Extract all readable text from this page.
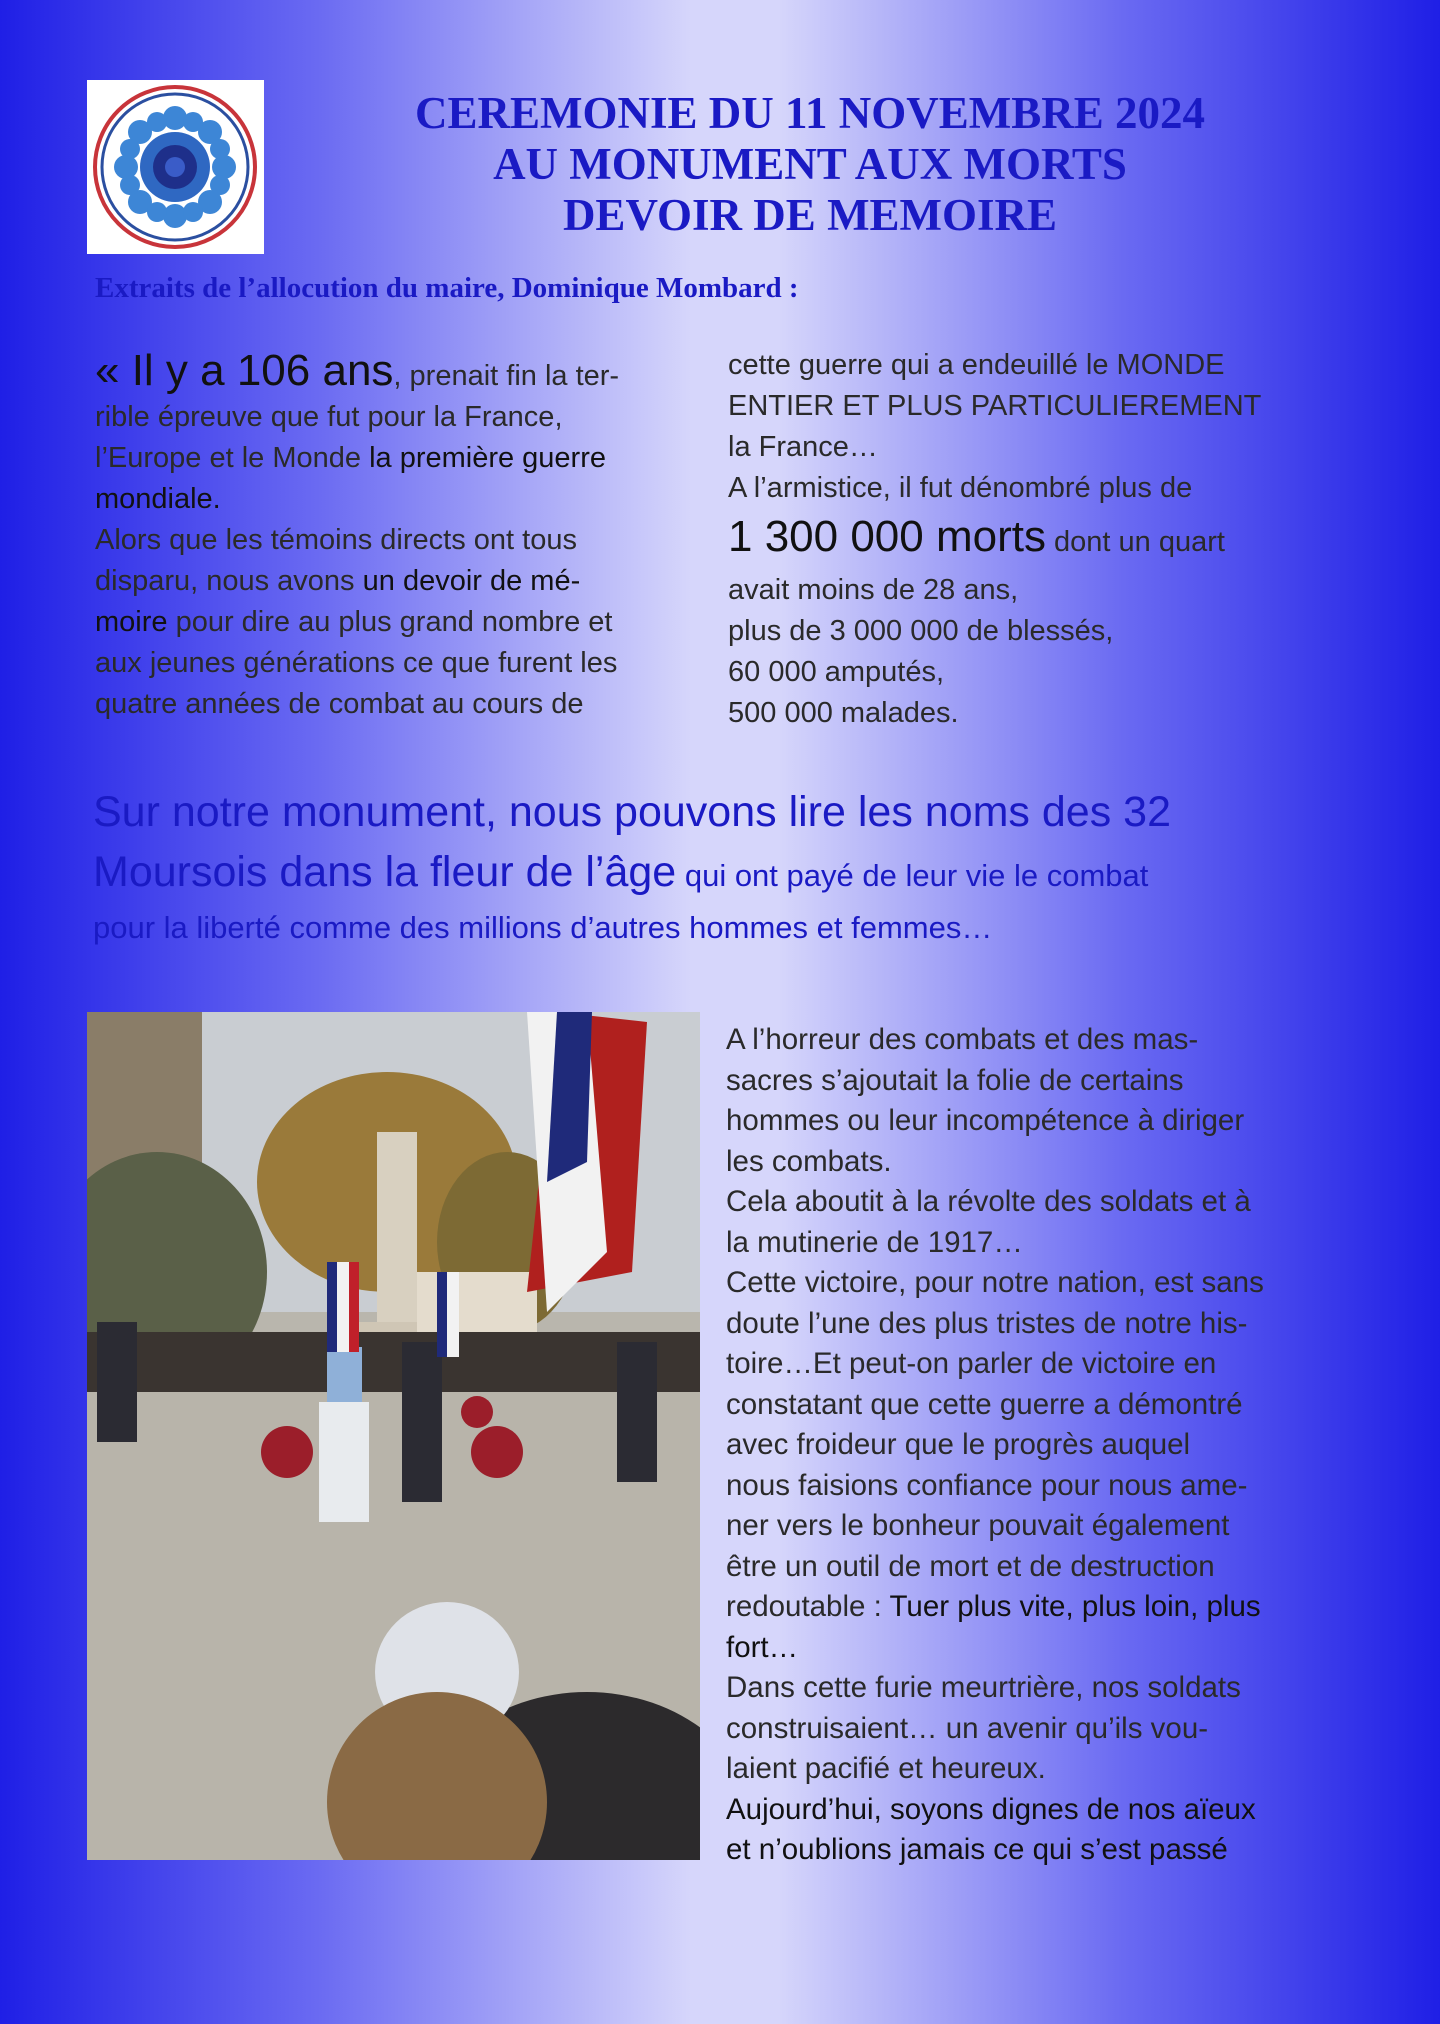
CEREMONIE DU 11 NOVEMBRE 2024
AU MONUMENT AUX MORTS
DEVOIR DE MEMOIRE
Extraits de l’allocution du maire, Dominique Mombard :
« Il y a 106 ans, prenait fin la ter-
rible épreuve que fut pour la France,
l’Europe et le Monde la première guerre
mondiale.
Alors que les témoins directs ont tous
disparu, nous avons un devoir de mé-
moire pour dire au plus grand nombre et
aux jeunes générations ce que furent les
quatre années de combat au cours de
cette guerre qui a endeuillé le MONDE
ENTIER ET PLUS PARTICULIEREMENT
la France…
A l’armistice, il fut dénombré plus de
1 300 000 morts dont un quart
avait moins de 28 ans,
plus de 3 000 000 de blessés,
60 000 amputés,
500 000 malades.
Sur notre monument, nous pouvons lire les noms des 32
Moursois dans la fleur de l’âge qui ont payé de leur vie le combat
pour la liberté comme des millions d’autres hommes et femmes…
A l’horreur des combats et des mas-
sacres s’ajoutait la folie de certains
hommes ou leur incompétence à diriger
les combats.
Cela aboutit à la révolte des soldats et à
la mutinerie de 1917…
Cette victoire, pour notre nation, est sans
doute l’une des plus tristes de notre his-
toire…Et peut-on parler de victoire en
constatant que cette guerre a démontré
avec froideur que le progrès auquel
nous faisions confiance pour nous ame-
ner vers le bonheur pouvait également
être un outil de mort et de destruction
redoutable : Tuer plus vite, plus loin, plus
fort…
Dans cette furie meurtrière, nos soldats
construisaient… un avenir qu’ils vou-
laient pacifié et heureux.
Aujourd’hui, soyons dignes de nos aïeux
et n’oublions jamais ce qui s’est passé
